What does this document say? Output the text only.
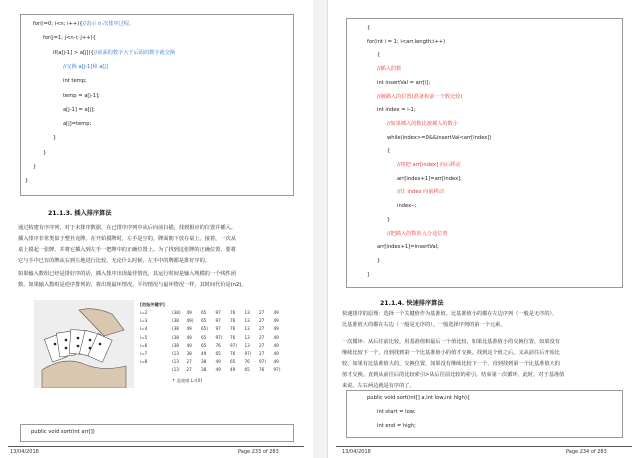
for(i=0; i<n; i++){//表示 n 次排序过程。
for(j=1; j<n-i; j++){
if(a[j-1] > a[j]){//前面的数字大于后面的数字就交换
//交换 a[j-1]和 a[j]
int temp;
temp = a[j-1];
a[j-1] = a[j];
a[j]=temp;
}
}
}
}
21.1.3. 插入排序算法
[初始关键字]
i=2	(38) 49 65 97 76 13 27 49
i=3	(38 49) 65 97 76 13 27 49
i=4	(38 49 65) 97 76 13 27 49
i=5	(38 49 65 97) 76 13 27 49
i=6	(38 49 65 76 97) 13 27 49
i=7	(13 38 49 65 76 97) 27 49
i=8	(13 27 38 49 65 76 97) 49
(13 27 38 49 49 65 76 97)
↑ 监视哨 L.r[0]
public void sort(int arr[])
13/04/2018	Page 233 of 283
通过构建有序序列，对于未排序数据，在已排序序列中从后向前扫描，找到相应的位置并插入。
插入排序非常类似于整扑克牌。在开始摸牌时，左手是空的，牌面朝下放在桌上。接着，一次从
桌上摸起一张牌，并将它插入到左手一把牌中的正确位置上。为了找到这张牌的正确位置，要将
它与手中已有的牌从右到左地进行比较。无论什么时候，左手中的牌都是排好序的。
如果输入数组已经是排好序的话，插入排序出现最佳情况，其运行时间是输入规模的一个线性函
数。如果输入数组是逆序排列的，将出现最坏情况。平均情况与最坏情况一样，其时间代价是(n2)。
{
for(int i = 1; i<arr.length;i++)
{
//插入的数
int insertVal = arr[i];
//被插入的位置(准备和前一个数比较)
int index = i-1;
//如果插入的数比被插入的数小
while(index>=0&&insertVal<arr[index])
{
//将把 arr[index] 向后移动
arr[index+1]=arr[index];
//让 index 向前移动
index--;
}
//把插入的数放入合适位置
arr[index+1]=insertVal;
}
}
21.1.4. 快速排序算法
public void sort(int[] a,int low,int high){
int start = low;
int end = high;
13/04/2018	Page 234 of 283
快速排序的原理：选择一个关键值作为基准值。比基准值小的都在左边序列（一般是无序的），
比基准值大的都在右边（一般是无序的）。一般选择序列的第一个元素。
一次循环：从后往前比较，用基准值和最后一个值比较，如果比基准值小的交换位置，如果没有
继续比较下一个，直到找到第一个比基准值小的值才交换。找到这个值之后，又从前往后开始比
较，如果有比基准值大的，交换位置，如果没有继续比较下一个，直到找到第一个比基准值大的
值才交换。直到从前往后的比较索引>从后往前比较的索引，结束第一次循环，此时，对于基准值
来说，左右两边就是有序的了。
